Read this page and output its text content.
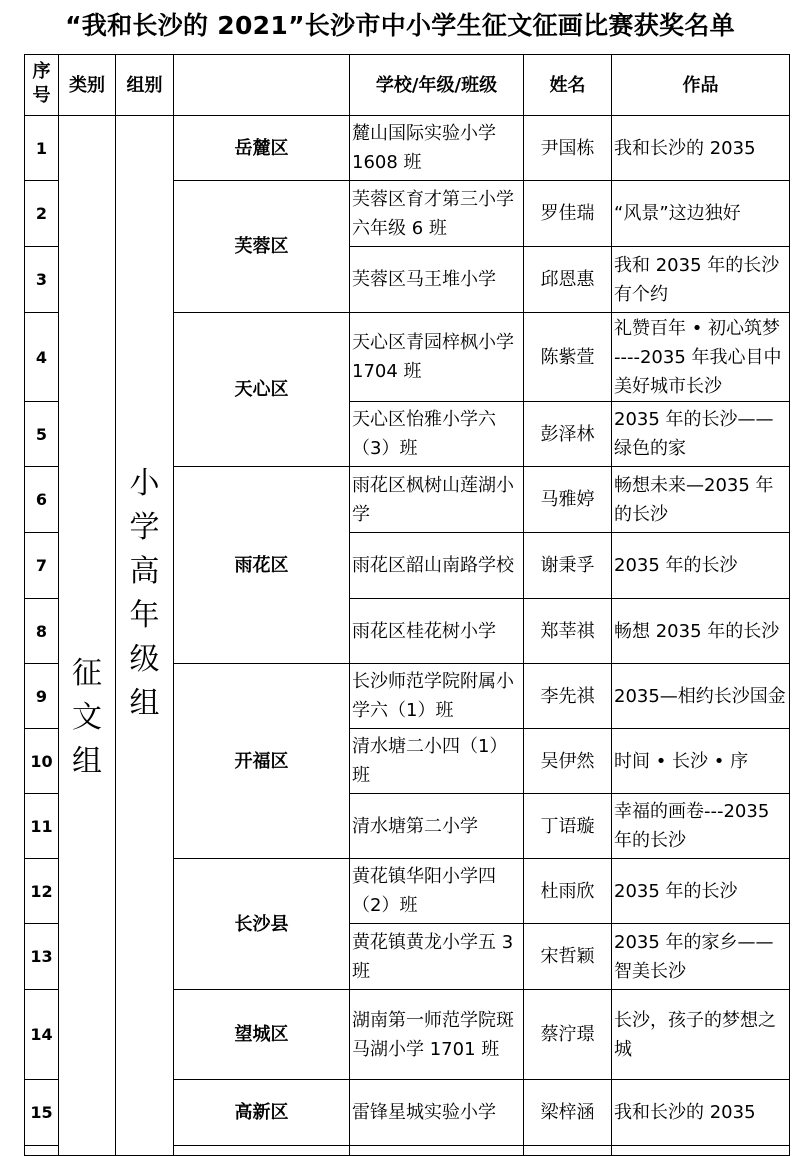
“我和长沙的 2021”长沙市中小学生征文征画比赛获奖名单
序号	类别	组别		学校/年级/班级	姓名	作品
1	征文组	小学高年级组	岳麓区	麓山国际实验小学 1608 班	尹国栋	我和长沙的 2035
2			芙蓉区	芙蓉区育才第三小学六年级 6 班	罗佳瑞	“风景”这边独好
3				芙蓉区马王堆小学	邱恩惠	我和 2035 年的长沙有个约
4			天心区	天心区青园梓枫小学　1704 班	陈紫萱	礼赞百年 • 初心筑梦 ----2035 年我心目中美好城市长沙
5				天心区怡雅小学六（3）班	彭泽林	2035 年的长沙——绿色的家
6			雨花区	雨花区枫树山莲湖小学	马雅婷	畅想未来—2035 年的长沙
7				雨花区韶山南路学校	谢秉孚	2035 年的长沙
8				雨花区桂花树小学	郑莘祺	畅想 2035 年的长沙
9			开福区	长沙师范学院附属小学六（1）班	李先祺	2035—相约长沙国金
10				清水塘二小四（1）班	吴伊然	时间 • 长沙 • 序
11				清水塘第二小学	丁语璇	幸福的画卷---2035 年的长沙
12			长沙县	黄花镇华阳小学四（2）班	杜雨欣	2035 年的长沙
13				黄花镇黄龙小学五 3 班	宋哲颖	2035 年的家乡——智美长沙
14			望城区	湖南第一师范学院斑马湖小学 1701 班	蔡泞璟	长沙，孩子的梦想之城
15			高新区	雷锋星城实验小学	梁梓涵	我和长沙的 2035
